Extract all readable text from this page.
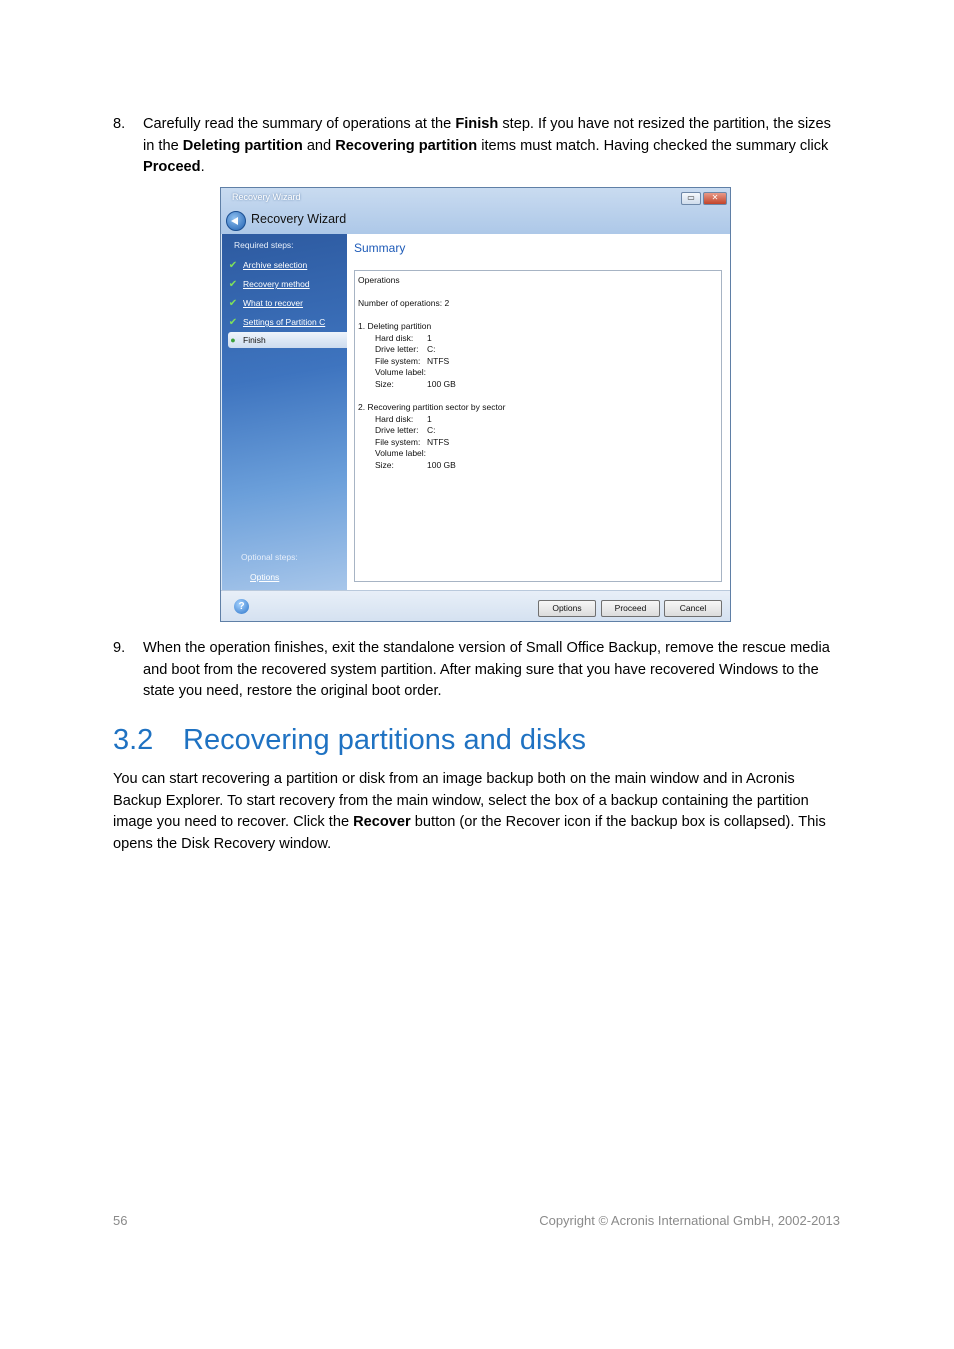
8. Carefully read the summary of operations at the Finish step. If you have not resized the partition, the sizes in the Deleting partition and Recovering partition items must match. Having checked the summary click Proceed.
Recovery Wizard	▭	✕
Recovery Wizard
Required steps:
✔ Archive selection
✔ Recovery method
✔ What to recover
✔ Settings of Partition C
● Finish
Optional steps:
Options
Summary
Operations
Number of operations: 2
1. Deleting partition
Hard disk: 1
Drive letter: C:
File system: NTFS
Volume label:
Size:	100 GB
2. Recovering partition sector by sector
Hard disk: 1
Drive letter: C:
File system: NTFS
Volume label:
Size:	100 GB
?	Options	Proceed	Cancel
9. When the operation finishes, exit the standalone version of Small Office Backup, remove the rescue media and boot from the recovered system partition. After making sure that you have recovered Windows to the state you need, restore the original boot order.
3.2 Recovering partitions and disks
You can start recovering a partition or disk from an image backup both on the main window and in Acronis Backup Explorer. To start recovery from the main window, select the box of a backup containing the partition image you need to recover. Click the Recover button (or the Recover icon if the backup box is collapsed). This opens the Disk Recovery window.
56	Copyright © Acronis International GmbH, 2002-2013
